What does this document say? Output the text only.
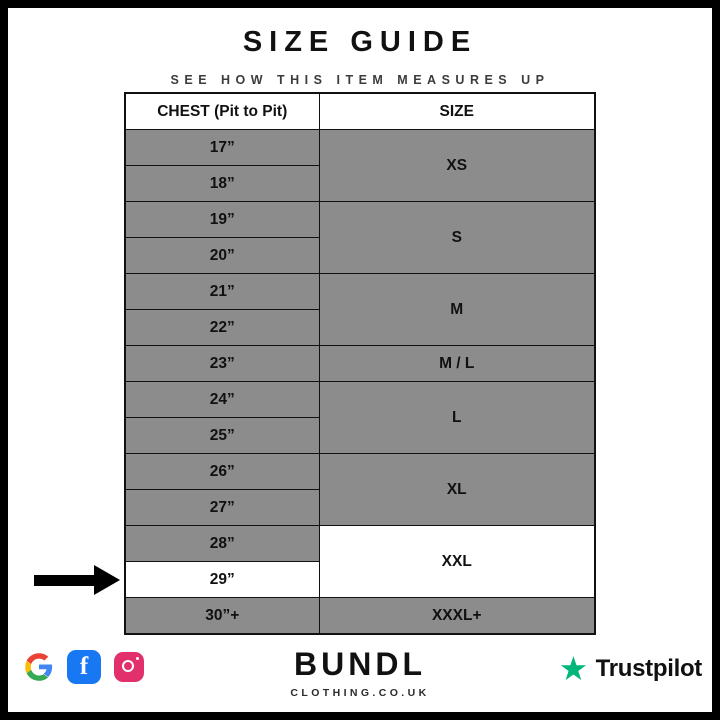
SIZE GUIDE
SEE HOW THIS ITEM MEASURES UP
CHEST (Pit to Pit)	SIZE
17”	XS
18”	
19”	S
20”	
21”	M
22”	
23”	M / L
24”	L
25”	
26”	XL
27”	
28”	XXL
29”	
30”+	XXXL+
f	BUNDL
CLOTHING.CO.UK
★ Trustpilot
